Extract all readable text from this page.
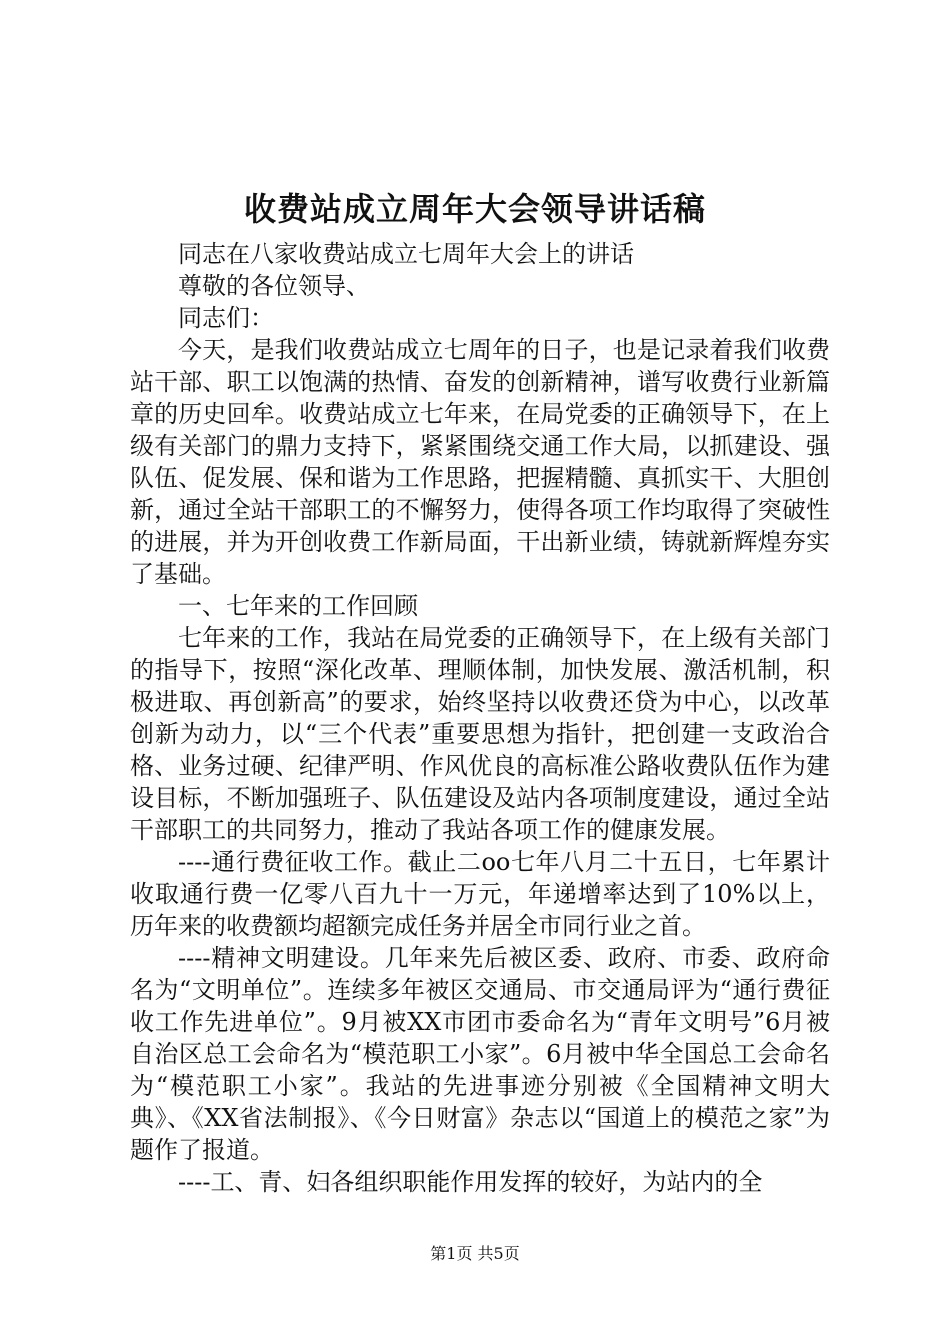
收费站成立周年大会领导讲话稿

同志在八家收费站成立七周年大会上的讲话

尊敬的各位领导、

同志们：

今天，是我们收费站成立七周年的日子，也是记录着我们收费站干部、职工以饱满的热情、奋发的创新精神，谱写收费行业新篇章的历史回牟。收费站成立七年来，在局党委的正确领导下，在上级有关部门的鼎力支持下，紧紧围绕交通工作大局，以抓建设、强队伍、促发展、保和谐为工作思路，把握精髓、真抓实干、大胆创新，通过全站干部职工的不懈努力，使得各项工作均取得了突破性的进展，并为开创收费工作新局面，干出新业绩，铸就新辉煌夯实了基础。

一、七年来的工作回顾

七年来的工作，我站在局党委的正确领导下，在上级有关部门的指导下，按照“深化改革、理顺体制，加快发展、激活机制，积极进取、再创新高”的要求，始终坚持以收费还贷为中心，以改革创新为动力，以“三个代表”重要思想为指针，把创建一支政治合格、业务过硬、纪律严明、作风优良的高标准公路收费队伍作为建设目标，不断加强班子、队伍建设及站内各项制度建设，通过全站干部职工的共同努力，推动了我站各项工作的健康发展。

----通行费征收工作。截止二oo七年八月二十五日，七年累计收取通行费一亿零八百九十一万元，年递增率达到了10%以上，历年来的收费额均超额完成任务并居全市同行业之首。

----精神文明建设。几年来先后被区委、政府、市委、政府命名为“文明单位”。连续多年被区交通局、市交通局评为“通行费征收工作先进单位”。9月被XX市团市委命名为“青年文明号”6月被自治区总工会命名为“模范职工小家”。6月被中华全国总工会命名为“模范职工小家”。我站的先进事迹分别被《全国精神文明大典》、《XX省法制报》、《今日财富》杂志以“国道上的模范之家”为题作了报道。

----工、青、妇各组织职能作用发挥的较好，为站内的全

第1页 共5页
